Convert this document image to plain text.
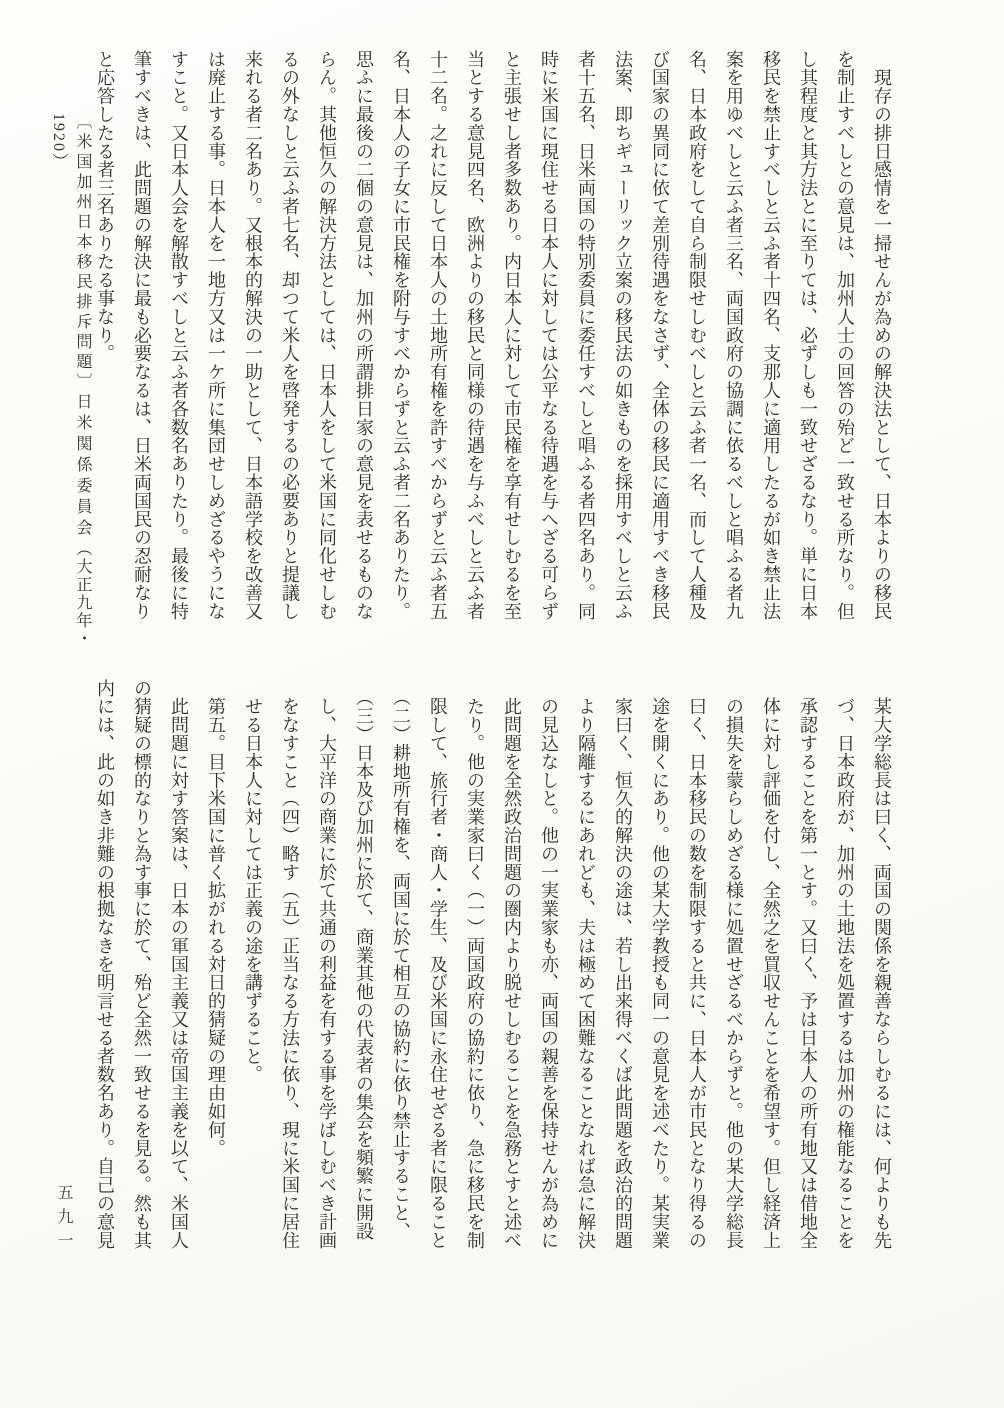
　現存の排日感情を一掃せんが為めの解決法として、日本よりの移民
を制止すべしとの意見は、加州人士の回答の殆ど一致せる所なり。但
し其程度と其方法とに至りては、必ずしも一致せざるなり。単に日本
移民を禁止すべしと云ふ者十四名、支那人に適用したるが如き禁止法
案を用ゆべしと云ふ者三名、両国政府の協調に依るべしと唱ふる者九
名、日本政府をして自ら制限せしむべしと云ふ者一名、而して人種及
び国家の異同に依て差別待遇をなさず、全体の移民に適用すべき移民
法案、即ちギューリック立案の移民法の如きものを採用すべしと云ふ
者十五名、日米両国の特別委員に委任すべしと唱ふる者四名あり。同
時に米国に現住せる日本人に対しては公平なる待遇を与へざる可らず
と主張せし者多数あり。内日本人に対して市民権を享有せしむるを至
当とする意見四名、欧洲よりの移民と同様の待遇を与ふべしと云ふ者
十二名。之れに反して日本人の土地所有権を許すべからずと云ふ者五
名、日本人の子女に市民権を附与すべからずと云ふ者二名ありたり。
思ふに最後の二個の意見は、加州の所謂排日家の意見を表せるものな
らん。其他恒久の解決方法としては、日本人をして米国に同化せしむ
るの外なしと云ふ者七名、却つて米人を啓発するの必要ありと提議し
来れる者二名あり。又根本的解決の一助として、日本語学校を改善又
は廃止する事。日本人を一地方又は一ケ所に集団せしめざるやうにな
すこと。又日本人会を解散すべしと云ふ者各数名ありたり。最後に特
筆すべきは、此問題の解決に最も必要なるは、日米両国民の忍耐なり
と応答したる者三名ありたる事なり。
〔米国加州日本移民排斥問題〕日米関係委員会（大正九年・1920）
　某大学総長は曰く、両国の関係を親善ならしむるには、何よりも先
　づ、日本政府が、加州の土地法を処置するは加州の権能なることを
　承認することを第一とす。又曰く、予は日本人の所有地又は借地全
　体に対し評価を付し、全然之を買収せんことを希望す。但し経済上
　の損失を蒙らしめざる様に処置せざるべからずと。他の某大学総長
　曰く、日本移民の数を制限すると共に、日本人が市民となり得るの
　途を開くにあり。他の某大学教授も同一の意見を述べたり。某実業
　家曰く、恒久的解決の途は、若し出来得べくば此問題を政治的問題
　より隔離するにあれども、夫は極めて困難なることなれば急に解決
　の見込なしと。他の一実業家も亦、両国の親善を保持せんが為めに
　此問題を全然政治問題の圏内より脱せしむることを急務とすと述べ
　たり。他の実業家曰く（一）両国政府の協約に依り、急に移民を制
　限して、旅行者・商人・学生、及び米国に永住せざる者に限ること
　（二）耕地所有権を、両国に於て相互の協約に依り禁止すること、
　（三）日本及び加州に於て、商業其他の代表者の集会を頻繁に開設
　し、大平洋の商業に於て共通の利益を有する事を学ばしむべき計画
　をなすこと（四）略す（五）正当なる方法に依り、現に米国に居住
　せる日本人に対しては正義の途を講ずること。
　第五。目下米国に普く拡がれる対日的猜疑の理由如何。
　此問題に対す答案は、日本の軍国主義又は帝国主義を以て、米国人
の猜疑の標的なりと為す事に於て、殆ど全然一致せるを見る。然も其
内には、此の如き非難の根拠なきを明言せる者数名あり。自己の意見
五九一
